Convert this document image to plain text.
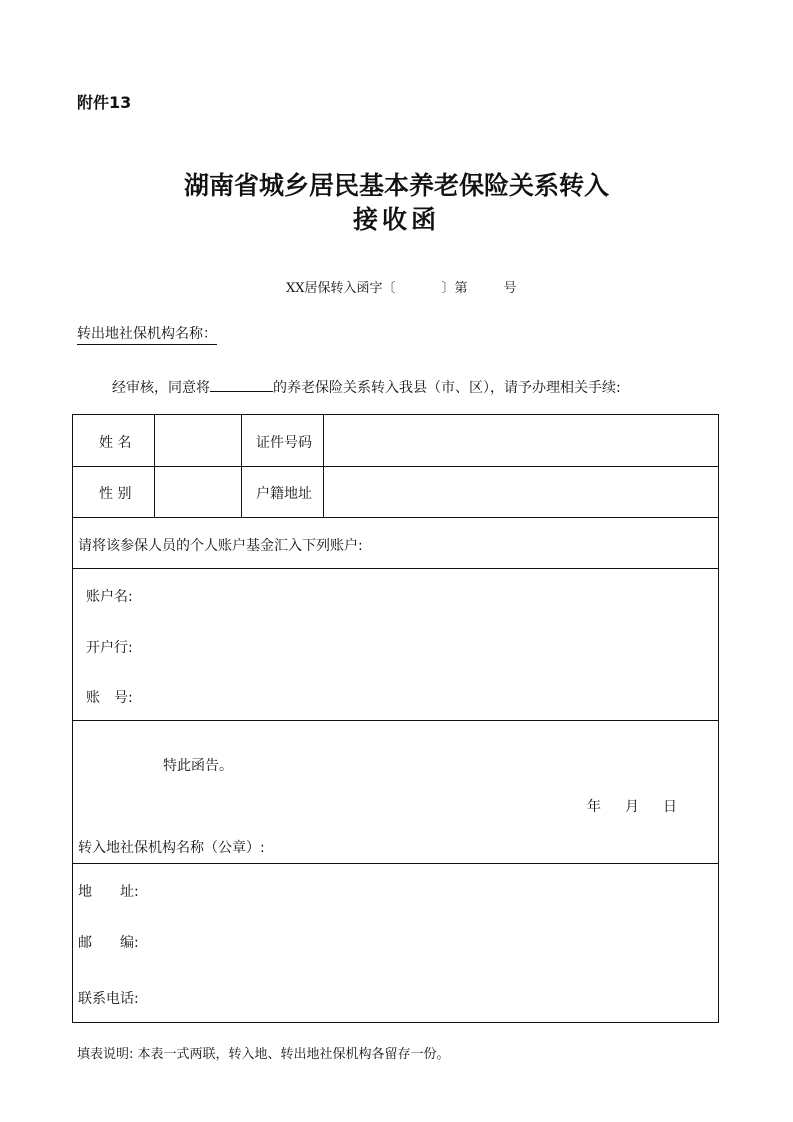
附件13
湖南省城乡居民基本养老保险关系转入
接收函
XX居保转入函字〔	〕第	号
转出地社保机构名称：
经审核，同意将	的养老保险关系转入我县（市、区），请予办理相关手续:
姓 名	证件号码
性 别	户籍地址
请将该参保人员的个人账户基金汇入下列账户:
账户名:
开户行:
账　号:
特此函告。
年 月 日
转入地社保机构名称（公章）:
地　　址:
邮　　编:
联系电话:
填表说明: 本表一式两联，转入地、转出地社保机构各留存一份。
